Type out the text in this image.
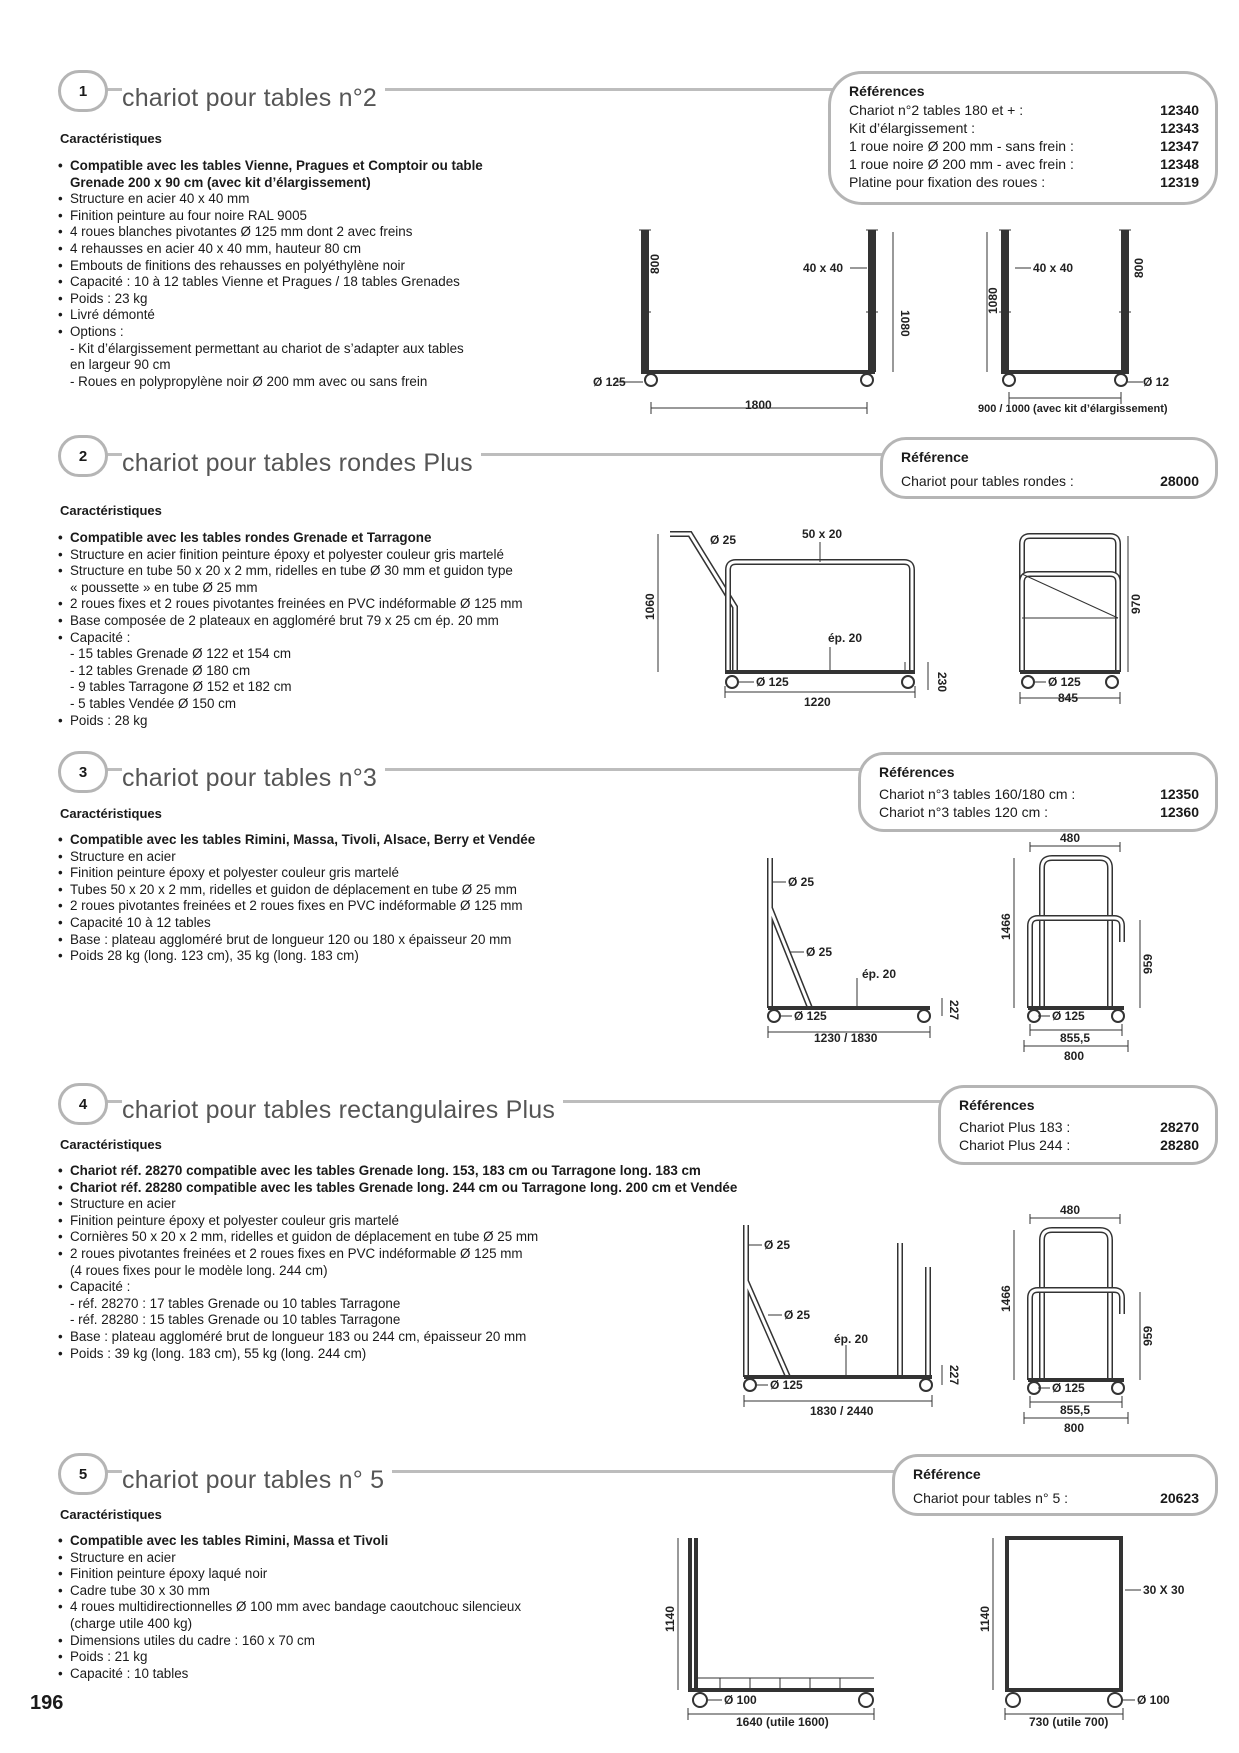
1	chariot pour tables n°2	Références
Chariot n°2 tables 180 et + :	12340
Kit d’élargissement :	12343
1 roue noire Ø 200 mm - sans frein :	12347
1 roue noire Ø 200 mm - avec frein :	12348
Platine pour fixation des roues :	12319
Caractéristiques
• Compatible avec les tables Vienne, Pragues et Comptoir ou table
Grenade 200 x 90 cm (avec kit d’élargissement)
• Structure en acier 40 x 40 mm
• Finition peinture au four noire RAL 9005
• 4 roues blanches pivotantes Ø 125 mm dont 2 avec freins
• 4 rehausses en acier 40 x 40 mm, hauteur 80 cm
• Embouts de finitions des rehausses en polyéthylène noir
• Capacité : 10 à 12 tables Vienne et Pragues / 18 tables Grenades
• Poids : 23 kg
• Livré démonté
• Options :
- Kit d’élargissement permettant au chariot de s’adapter aux tables
en largeur 90 cm
- Roues en polypropylène noir Ø 200 mm avec ou sans frein
800	40 x 40
1080
Ø 125
1800
1080
40 x 40	800
Ø 12
900 / 1000 (avec kit d’élargissement)
2	chariot pour tables rondes Plus	Référence
Chariot pour tables rondes :	28000
Caractéristiques
• Compatible avec les tables rondes Grenade et Tarragone
• Structure en acier finition peinture époxy et polyester couleur gris martelé
• Structure en tube 50 x 20 x 2 mm, ridelles en tube Ø 30 mm et guidon type
« poussette » en tube Ø 25 mm
• 2 roues fixes et 2 roues pivotantes freinées en PVC indéformable Ø 125 mm
• Base composée de 2 plateaux en aggloméré brut 79 x 25 cm ép. 20 mm
• Capacité :
- 15 tables Grenade Ø 122 et 154 cm
- 12 tables Grenade Ø 180 cm
- 9 tables Tarragone Ø 152 et 182 cm
- 5 tables Vendée Ø 150 cm
• Poids : 28 kg
Ø 25	50 x 20
1060
ép. 20
Ø 125	230
1220
970
Ø 125
845
3	chariot pour tables n°3	Références
Chariot n°3 tables 160/180 cm :	12350
Chariot n°3 tables 120 cm :	12360
Caractéristiques
• Compatible avec les tables Rimini, Massa, Tivoli, Alsace, Berry et Vendée
• Structure en acier
• Finition peinture époxy et polyester couleur gris martelé
• Tubes 50 x 20 x 2 mm, ridelles et guidon de déplacement en tube Ø 25 mm
• 2 roues pivotantes freinées et 2 roues fixes en PVC indéformable Ø 125 mm
• Capacité 10 à 12 tables
• Base : plateau aggloméré brut de longueur 120 ou 180 x épaisseur 20 mm
• Poids 28 kg (long. 123 cm), 35 kg (long. 183 cm)
Ø 25
Ø 25
ép. 20
Ø 125	227
1230 / 1830
480
1466
959
Ø 125
855,5
800
4	chariot pour tables rectangulaires Plus	Références
Chariot Plus 183 :	28270
Chariot Plus 244 :	28280
Caractéristiques
• Chariot réf. 28270 compatible avec les tables Grenade long. 153, 183 cm ou Tarragone long. 183 cm
• Chariot réf. 28280 compatible avec les tables Grenade long. 244 cm ou Tarragone long. 200 cm et Vendée
• Structure en acier
• Finition peinture époxy et polyester couleur gris martelé
• Cornières 50 x 20 x 2 mm, ridelles et guidon de déplacement en tube Ø 25 mm
• 2 roues pivotantes freinées et 2 roues fixes en PVC indéformable Ø 125 mm
(4 roues fixes pour le modèle long. 244 cm)
• Capacité :
- réf. 28270 : 17 tables Grenade ou 10 tables Tarragone
- réf. 28280 : 15 tables Grenade ou 10 tables Tarragone
• Base : plateau aggloméré brut de longueur 183 ou 244 cm, épaisseur 20 mm
• Poids : 39 kg (long. 183 cm), 55 kg (long. 244 cm)
Ø 25
Ø 25
ép. 20
Ø 125	227
1830 / 2440
480
1466
959
Ø 125
855,5
800
5	chariot pour tables n° 5	Référence
Chariot pour tables n° 5 :	20623
Caractéristiques
• Compatible avec les tables Rimini, Massa et Tivoli
• Structure en acier
• Finition peinture époxy laqué noir
• Cadre tube 30 x 30 mm
• 4 roues multidirectionnelles Ø 100 mm avec bandage caoutchouc silencieux
(charge utile 400 kg)
• Dimensions utiles du cadre : 160 x 70 cm
• Poids : 21 kg
• Capacité : 10 tables
1140
Ø 100
1640 (utile 1600)
1140
30 X 30
Ø 100
730 (utile 700)
196
